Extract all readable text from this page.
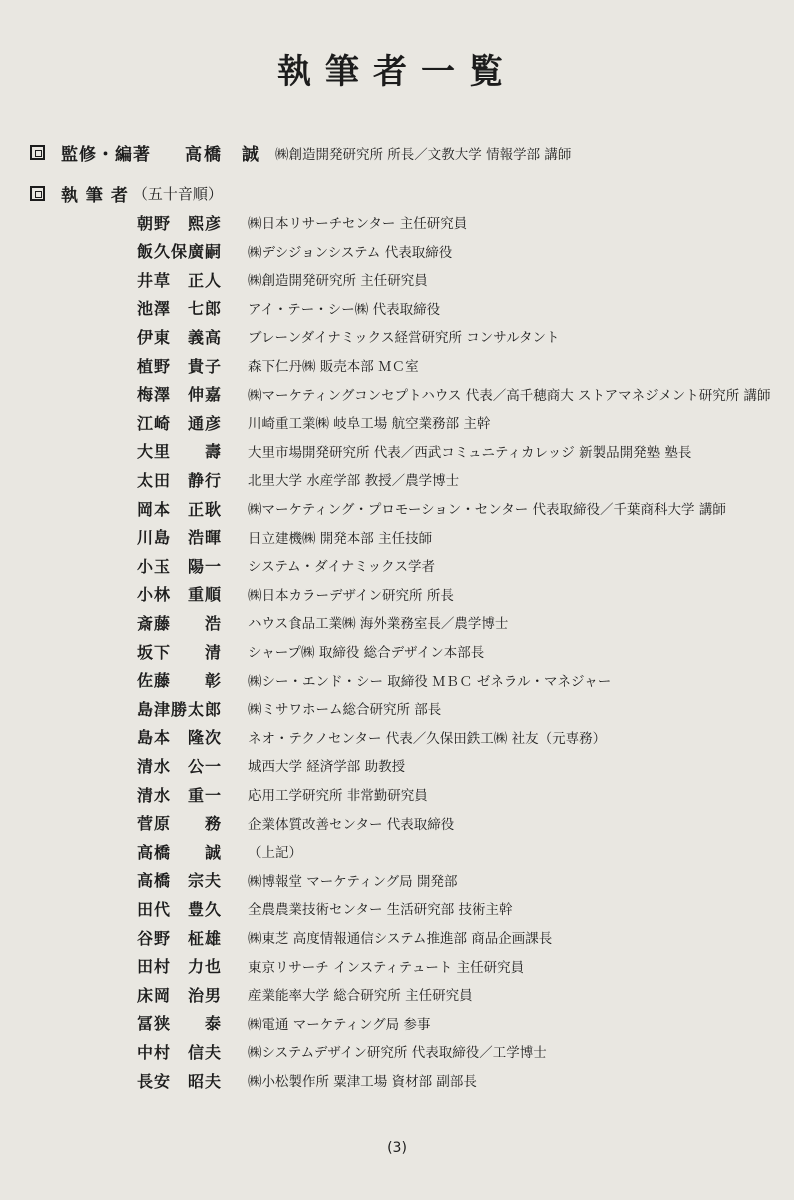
執筆者一覧
監修・編著 高橋　誠 ㈱創造開発研究所 所長／文教大学 情報学部 講師
執 筆 者 （五十音順）
朝野　熙彦	㈱日本リサーチセンター 主任研究員
飯久保廣嗣	㈱デシジョンシステム 代表取締役
井草　正人	㈱創造開発研究所 主任研究員
池澤　七郎	アイ・テー・シー㈱ 代表取締役
伊東　義高	ブレーンダイナミックス経営研究所 コンサルタント
植野　貴子	森下仁丹㈱ 販売本部 ＭＣ室
梅澤　伸嘉	㈱マーケティングコンセプトハウス 代表／高千穂商大 ストアマネジメント研究所 講師
江崎　通彦	川崎重工業㈱ 岐阜工場 航空業務部 主幹
大里　　壽	大里市場開発研究所 代表／西武コミュニティカレッジ 新製品開発塾 塾長
太田　静行	北里大学 水産学部 教授／農学博士
岡本　正耿	㈱マーケティング・プロモーション・センター 代表取締役／千葉商科大学 講師
川島　浩暉	日立建機㈱ 開発本部 主任技師
小玉　陽一	システム・ダイナミックス学者
小林　重順	㈱日本カラーデザイン研究所 所長
斎藤　　浩	ハウス食品工業㈱ 海外業務室長／農学博士
坂下　　清	シャープ㈱ 取締役 総合デザイン本部長
佐藤　　彰	㈱シー・エンド・シー 取締役 ＭＢＣ ゼネラル・マネジャー
島津勝太郎	㈱ミサワホーム総合研究所 部長
島本　隆次	ネオ・テクノセンター 代表／久保田鉄工㈱ 社友（元専務）
清水　公一	城西大学 経済学部 助教授
清水　重一	応用工学研究所 非常勤研究員
菅原　　務	企業体質改善センター 代表取締役
高橋　　誠	（上記）
高橋　宗夫	㈱博報堂 マーケティング局 開発部
田代　豊久	全農農業技術センター 生活研究部 技術主幹
谷野　柾雄	㈱東芝 高度情報通信システム推進部 商品企画課長
田村　力也	東京リサーチ インスティテュート 主任研究員
床岡　治男	産業能率大学 総合研究所 主任研究員
冨狭　　泰	㈱電通 マーケティング局 参事
中村　信夫	㈱システムデザイン研究所 代表取締役／工学博士
長安　昭夫	㈱小松製作所 粟津工場 資材部 副部長
(3)
